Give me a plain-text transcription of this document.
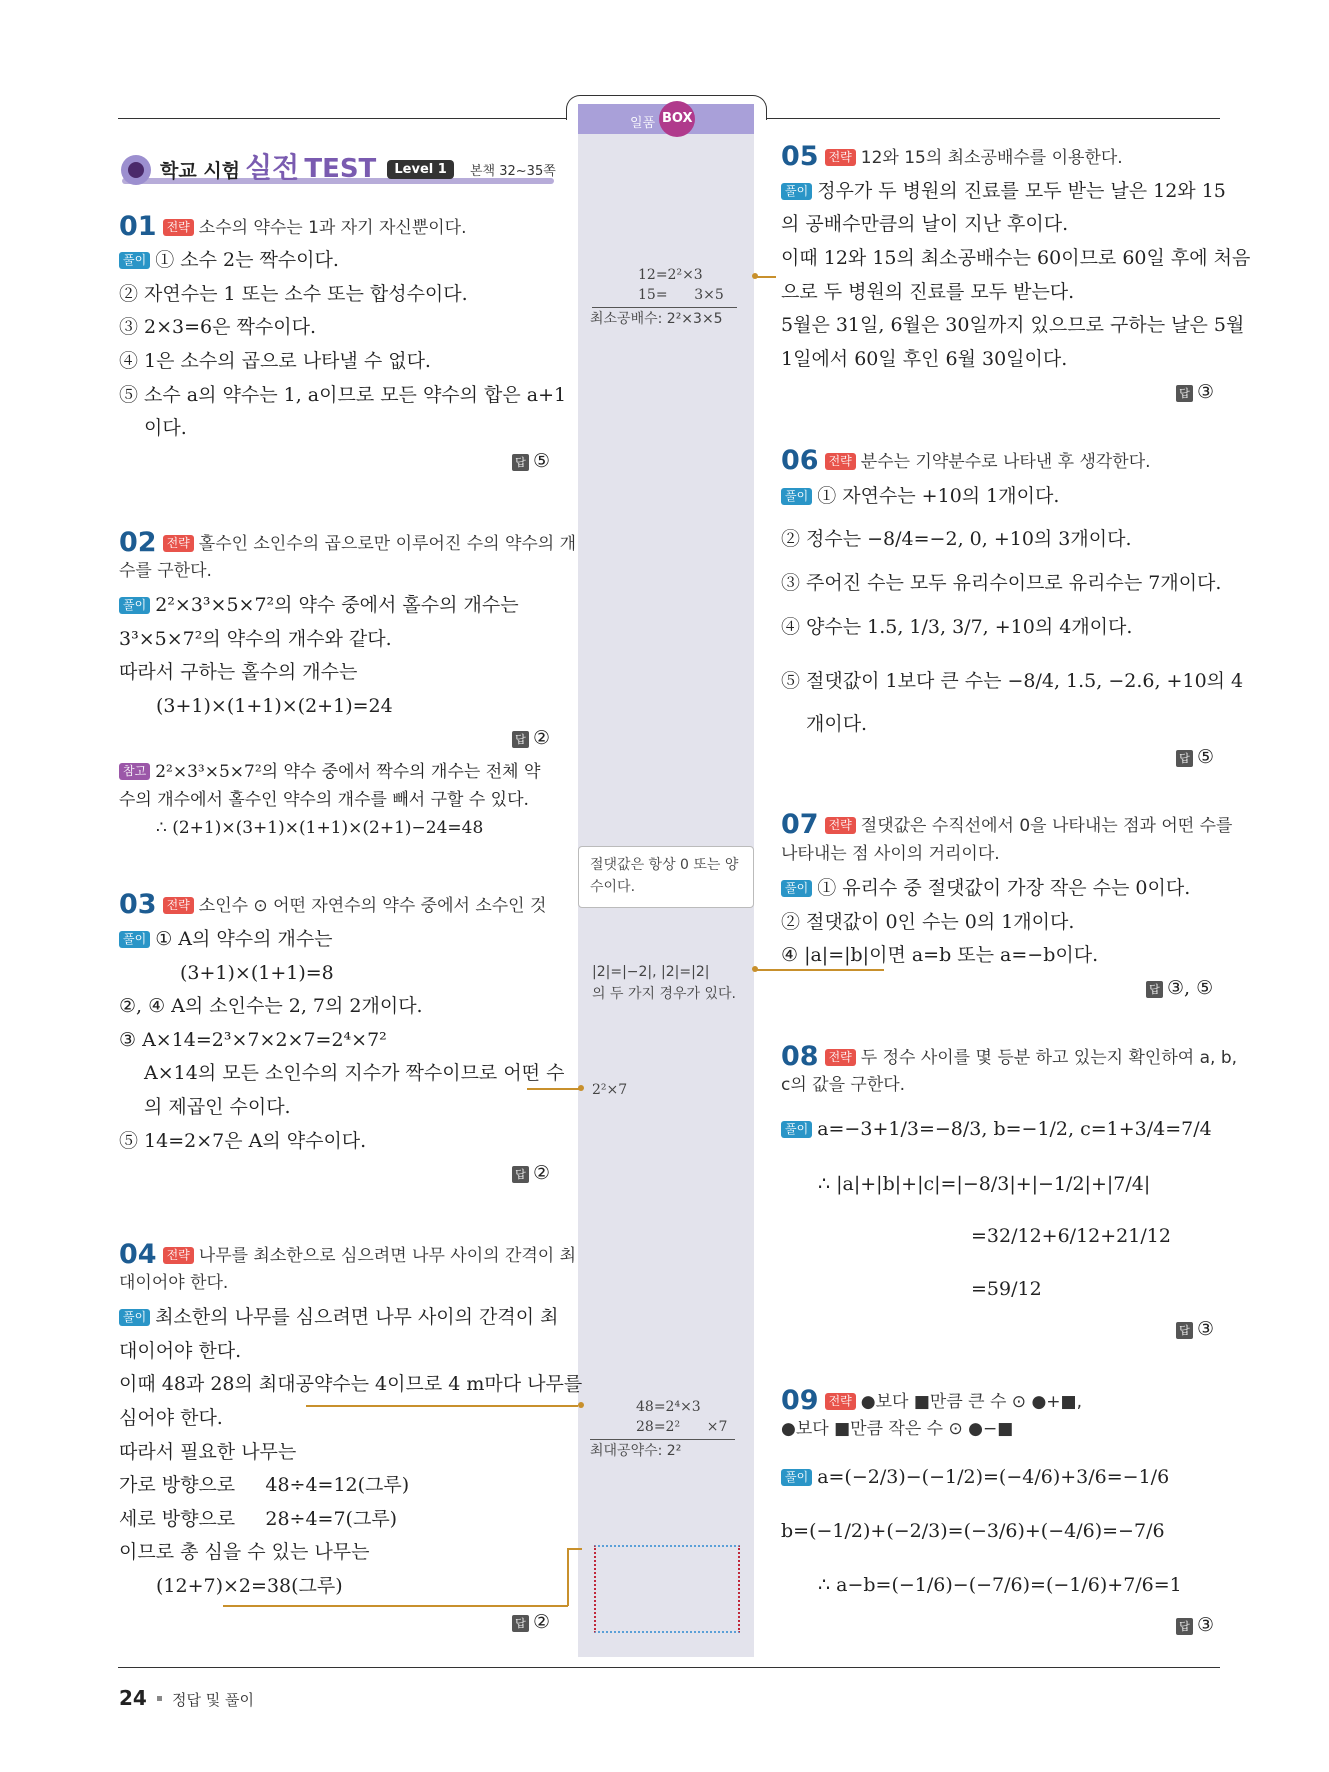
일품 BOX
학교 시험 실전 TEST $^{Level 1}$	본책 32~35쪽
01 전략 소수의 약수는 1과 자기 자신뿐이다.
풀이 ① 소수 2는 짝수이다.
② 자연수는 1 또는 소수 또는 합성수이다.
③ 2×3=6은 짝수이다.
④ 1은 소수의 곱으로 나타낼 수 없다.
⑤ 소수 a의 약수는 1, a이므로 모든 약수의 합은 a+1
이다.
답 ⑤
02 전략 홀수인 소인수의 곱으로만 이루어진 수의 약수의 개
수를 구한다.
풀이 2²×3³×5×7²의 약수 중에서 홀수의 개수는
3³×5×7²의 약수의 개수와 같다.
따라서 구하는 홀수의 개수는
(3+1)×(1+1)×(2+1)=24
답 ②
참고 2²×3³×5×7²의 약수 중에서 짝수의 개수는 전체 약
수의 개수에서 홀수인 약수의 개수를 빼서 구할 수 있다.
∴ (2+1)×(3+1)×(1+1)×(2+1)−24=48
03 전략 소인수 ⊙ 어떤 자연수의 약수 중에서 소수인 것
풀이 ① A의 약수의 개수는
(3+1)×(1+1)=8
②, ④ A의 소인수는 2, 7의 2개이다.
③ A×14=2³×7×2×7=2⁴×7²
A×14의 모든 소인수의 지수가 짝수이므로 어떤 수
의 제곱인 수이다.
⑤ 14=2×7은 A의 약수이다.
답 ②
04 전략 나무를 최소한으로 심으려면 나무 사이의 간격이 최
대이어야 한다.
풀이 최소한의 나무를 심으려면 나무 사이의 간격이 최
대이어야 한다.
이때 48과 28의 최대공약수는 4이므로 4 m마다 나무를
심어야 한다.
따라서 필요한 나무는
가로 방향으로     48÷4=12(그루)
세로 방향으로     28÷4=7(그루)
이므로 총 심을 수 있는 나무는
(12+7)×2=38(그루)
답 ②
12=2²×3
15=      3×5
최소공배수: 2²×3×5
절댓값은 항상 0 또는 양
수이다.
|2|=|−2|, |2|=|2|
의 두 가지 경우가 있다.
2²×7
48=2⁴×3
28=2²      ×7
최대공약수: 2²
05 전략 12와 15의 최소공배수를 이용한다.
풀이 정우가 두 병원의 진료를 모두 받는 날은 12와 15
의 공배수만큼의 날이 지난 후이다.
이때 12와 15의 최소공배수는 60이므로 60일 후에 처음
으로 두 병원의 진료를 모두 받는다.
5월은 31일, 6월은 30일까지 있으므로 구하는 날은 5월
1일에서 60일 후인 6월 30일이다.
답 ③
06 전략 분수는 기약분수로 나타낸 후 생각한다.
풀이 ① 자연수는 +10의 1개이다.
② 정수는 −8/4=−2, 0, +10의 3개이다.
③ 주어진 수는 모두 유리수이므로 유리수는 7개이다.
④ 양수는 1.5, 1/3, 3/7, +10의 4개이다.
⑤ 절댓값이 1보다 큰 수는 −8/4, 1.5, −2.6, +10의 4
개이다.
답 ⑤
07 전략 절댓값은 수직선에서 0을 나타내는 점과 어떤 수를
나타내는 점 사이의 거리이다.
풀이 ① 유리수 중 절댓값이 가장 작은 수는 0이다.
② 절댓값이 0인 수는 0의 1개이다.
④ |a|=|b|이면 a=b 또는 a=−b이다.
답 ③, ⑤
08 전략 두 정수 사이를 몇 등분 하고 있는지 확인하여 a, b,
c의 값을 구한다.
풀이 a=−3+1/3=−8/3, b=−1/2, c=1+3/4=7/4
∴ |a|+|b|+|c|=|−8/3|+|−1/2|+|7/4|
=32/12+6/12+21/12
=59/12
답 ③
09 전략 ●보다 ■만큼 큰 수 ⊙ ●+■,
●보다 ■만큼 작은 수 ⊙ ●−■
풀이 a=(−2/3)−(−1/2)=(−4/6)+3/6=−1/6
b=(−1/2)+(−2/3)=(−3/6)+(−4/6)=−7/6
∴ a−b=(−1/6)−(−7/6)=(−1/6)+7/6=1
답 ③
24 정답 및 풀이
